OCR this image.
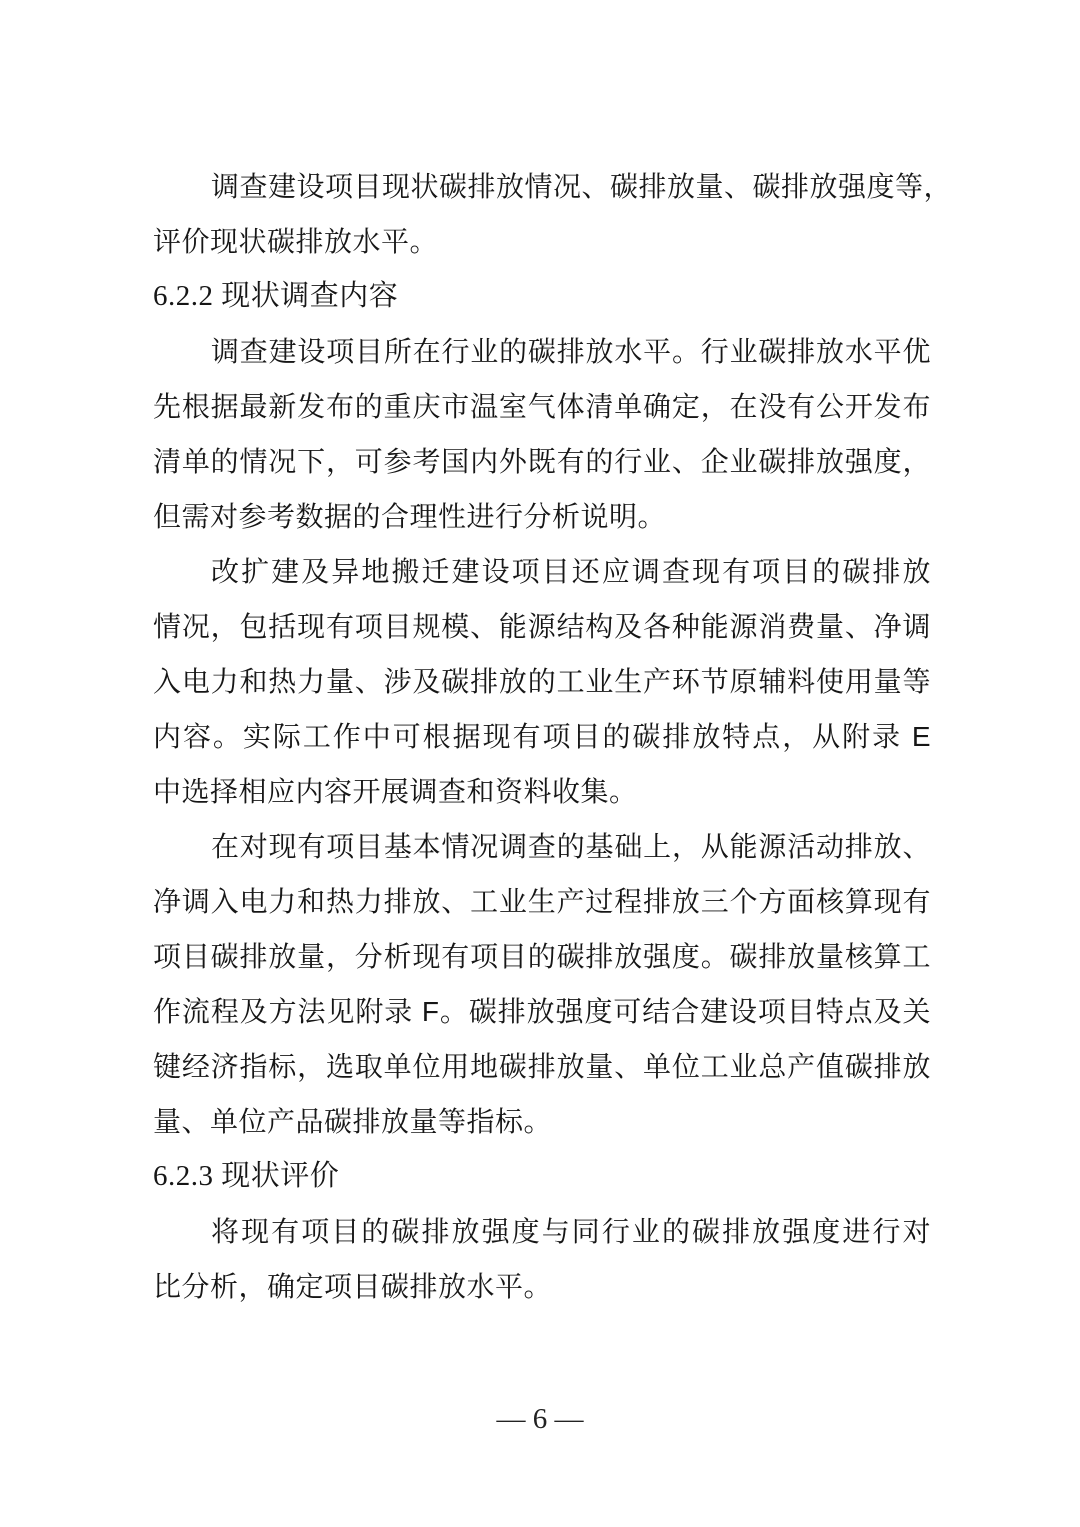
调查建设项目现状碳排放情况、碳排放量、碳排放强度等，
评价现状碳排放水平。
6.2.2 现状调查内容
调查建设项目所在行业的碳排放水平。行业碳排放水平优
先根据最新发布的重庆市温室气体清单确定，在没有公开发布
清单的情况下，可参考国内外既有的行业、企业碳排放强度，
但需对参考数据的合理性进行分析说明。
改扩建及异地搬迁建设项目还应调查现有项目的碳排放
情况，包括现有项目规模、能源结构及各种能源消费量、净调
入电力和热力量、涉及碳排放的工业生产环节原辅料使用量等
内容。实际工作中可根据现有项目的碳排放特点，从附录 E
中选择相应内容开展调查和资料收集。
在对现有项目基本情况调查的基础上，从能源活动排放、
净调入电力和热力排放、工业生产过程排放三个方面核算现有
项目碳排放量，分析现有项目的碳排放强度。碳排放量核算工
作流程及方法见附录 F。碳排放强度可结合建设项目特点及关
键经济指标，选取单位用地碳排放量、单位工业总产值碳排放
量、单位产品碳排放量等指标。
6.2.3 现状评价
将现有项目的碳排放强度与同行业的碳排放强度进行对
比分析，确定项目碳排放水平。
— 6 —
